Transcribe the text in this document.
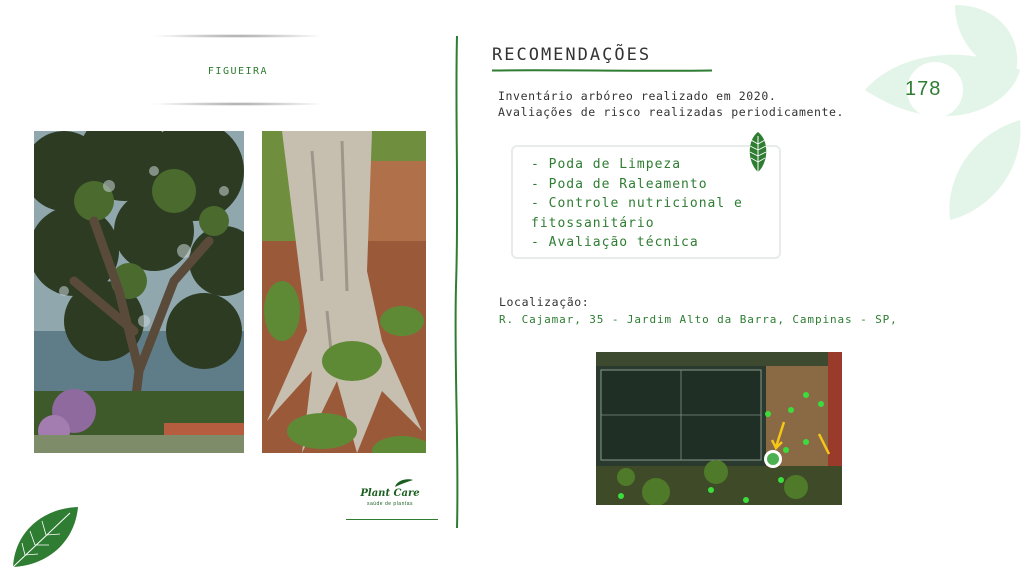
178
FIGUEIRA
RECOMENDAÇÕES
Inventário arbóreo realizado em 2020. Avaliações de risco realizadas periodicamente.
- Poda de Limpeza
- Poda de Raleamento
- Controle nutricional e fitossanitário
- Avaliação técnica
Localização:
R. Cajamar, 35 - Jardim Alto da Barra, Campinas - SP,
Plant Care
saúde de plantas
